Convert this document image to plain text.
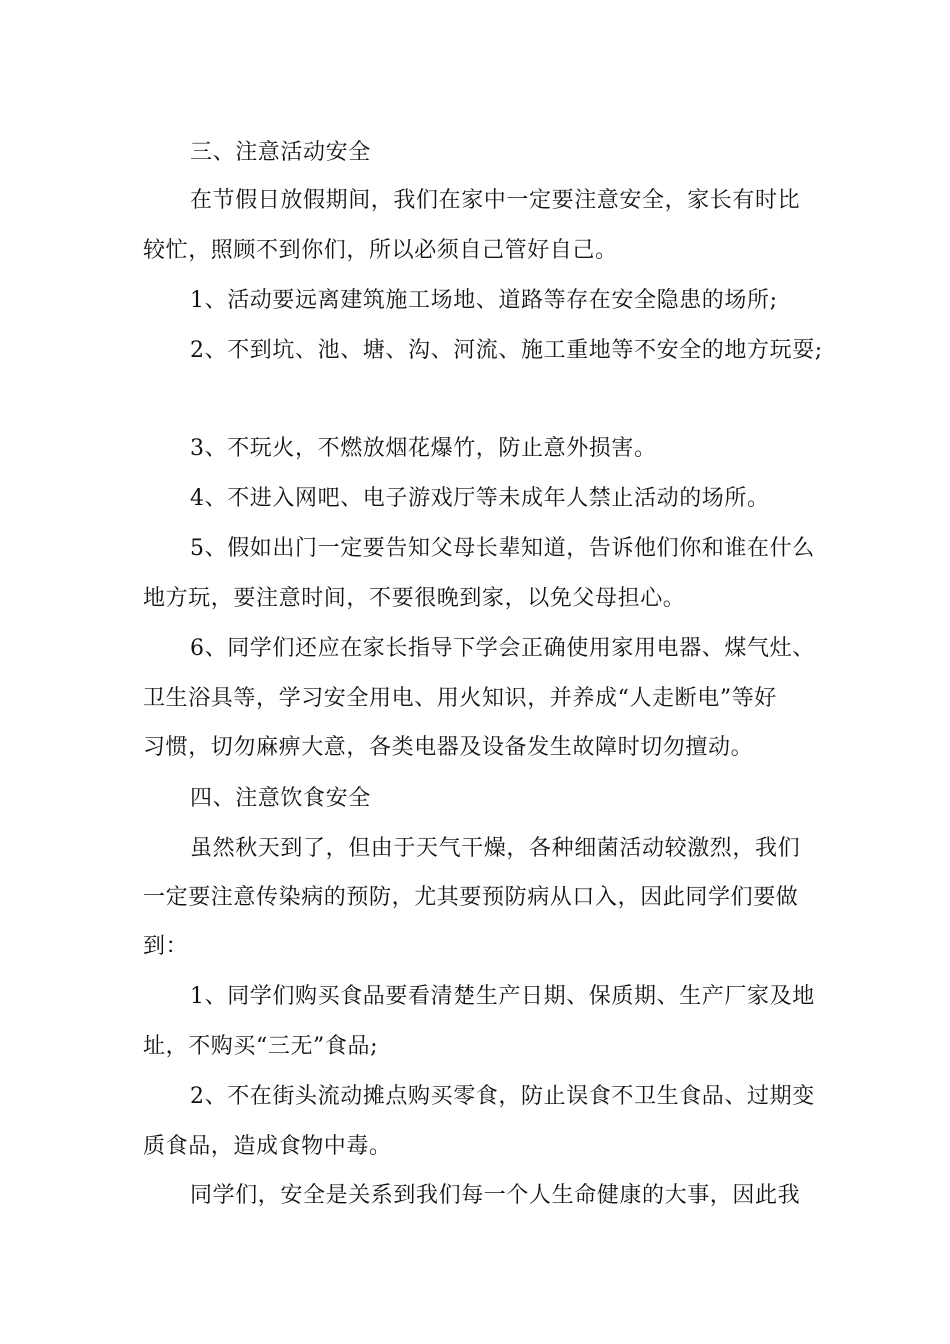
三、注意活动安全
在节假日放假期间，我们在家中一定要注意安全，家长有时比
较忙，照顾不到你们，所以必须自己管好自己。
1、活动要远离建筑施工场地、道路等存在安全隐患的场所;
2、不到坑、池、塘、沟、河流、施工重地等不安全的地方玩耍;
3、不玩火，不燃放烟花爆竹，防止意外损害。
4、不进入网吧、电子游戏厅等未成年人禁止活动的场所。
5、假如出门一定要告知父母长辈知道，告诉他们你和谁在什么
地方玩，要注意时间，不要很晚到家，以免父母担心。
6、同学们还应在家长指导下学会正确使用家用电器、煤气灶、
卫生浴具等，学习安全用电、用火知识，并养成“人走断电”等好
习惯，切勿麻痹大意，各类电器及设备发生故障时切勿擅动。
四、注意饮食安全
虽然秋天到了，但由于天气干燥，各种细菌活动较激烈，我们
一定要注意传染病的预防，尤其要预防病从口入，因此同学们要做
到：
1、同学们购买食品要看清楚生产日期、保质期、生产厂家及地
址，不购买“三无”食品;
2、不在街头流动摊点购买零食，防止误食不卫生食品、过期变
质食品，造成食物中毒。
同学们，安全是关系到我们每一个人生命健康的大事，因此我
